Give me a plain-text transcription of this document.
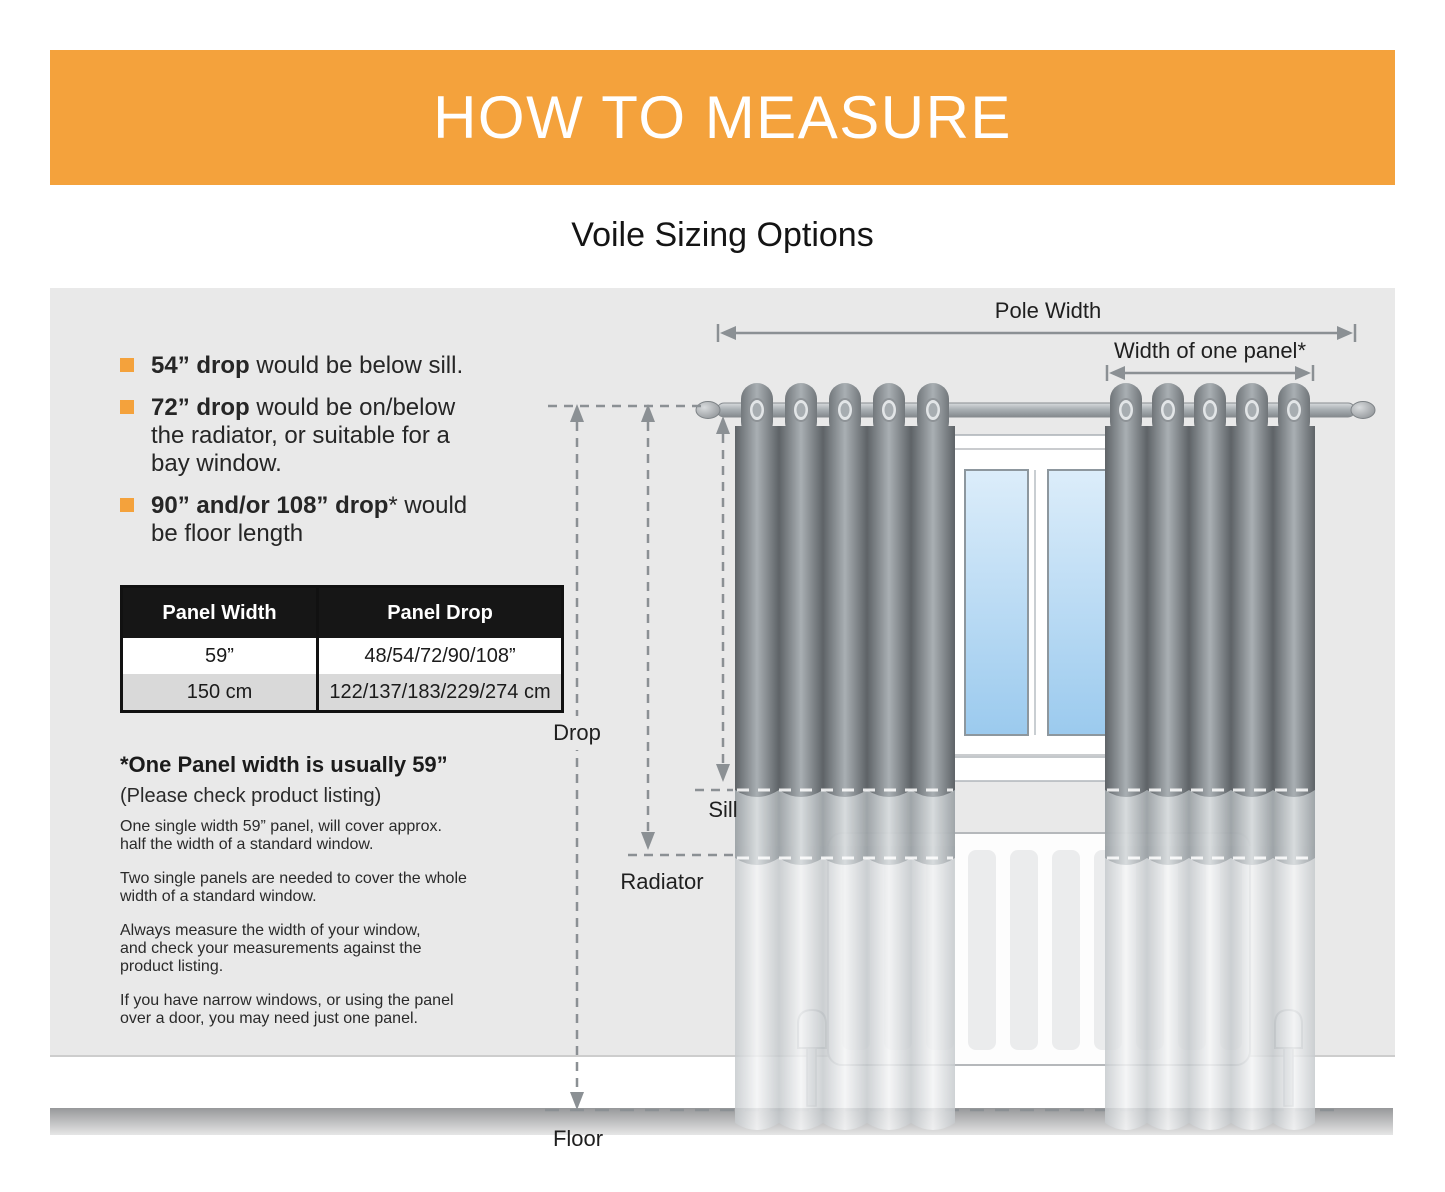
HOW TO MEASURE
Voile Sizing Options
Pole Width
Width of one panel*
Drop
Radiator
Sill
Floor
54” drop would be below sill.
72” drop would be on/below
the radiator, or suitable for a
bay window.
90” and/or 108” drop* would
be floor length
Panel Width	Panel Drop
59”	48/54/72/90/108”
150 cm	122/137/183/229/274 cm
*One Panel width is usually 59”

(Please check product listing)

One single width 59” panel, will cover approx.
half the width of a standard window.

Two single panels are needed to cover the whole
width of a standard window.

Always measure the width of your window,
and check your measurements against the
product listing.

If you have narrow windows, or using the panel
over a door, you may need just one panel.
